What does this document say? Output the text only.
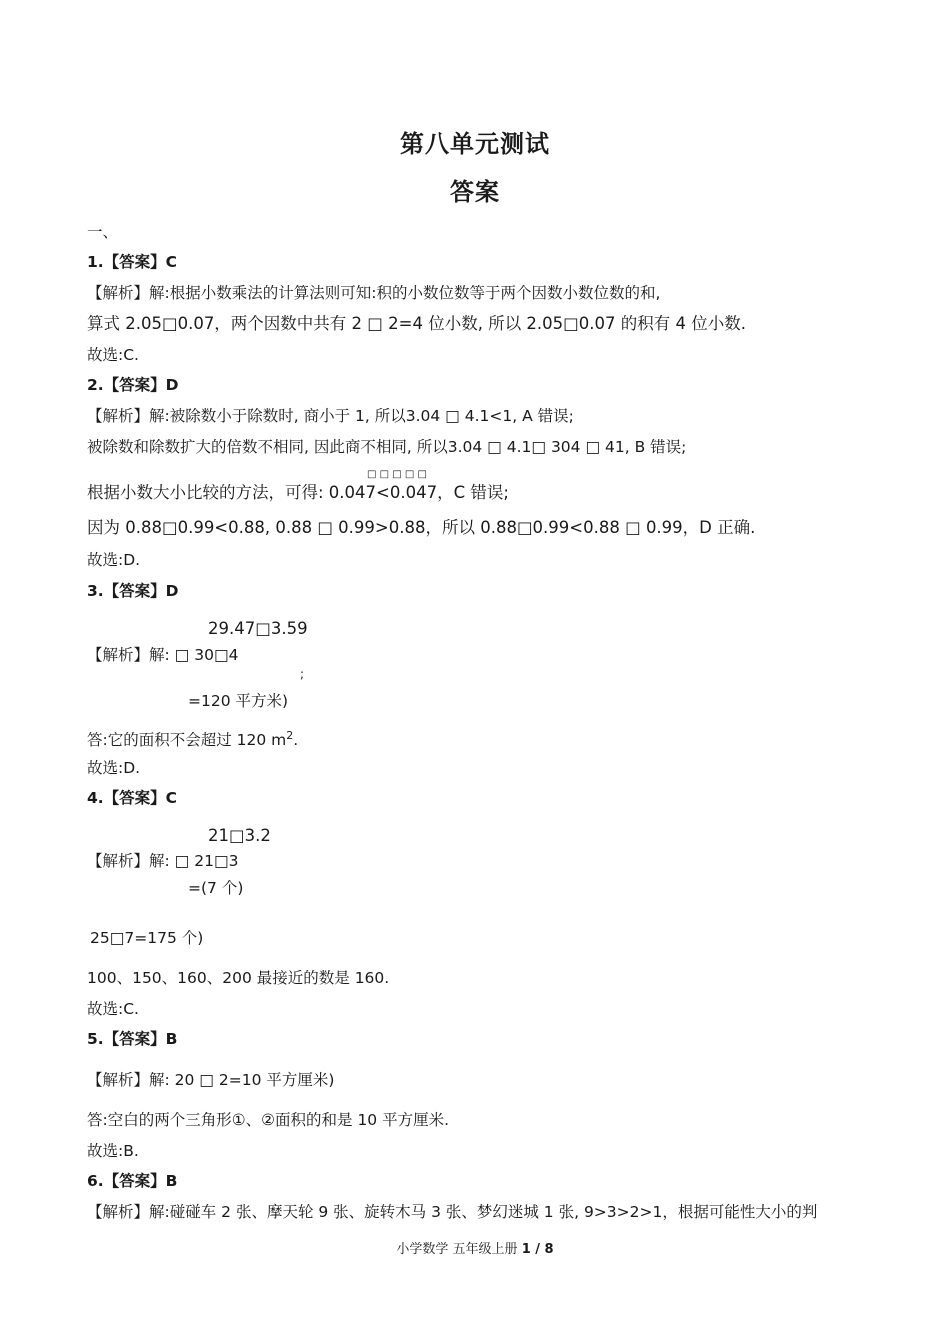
第八单元测试
答案
一、
1.【答案】C
【解析】解:根据小数乘法的计算法则可知:积的小数位数等于两个因数小数位数的和,
算式 2.05□0.07，两个因数中共有 2 □ 2=4 位小数, 所以 2.05□0.07 的积有 4 位小数.
故选:C.
2.【答案】D
【解析】解:被除数小于除数时, 商小于 1, 所以3.04 □ 4.1<1, A 错误;
被除数和除数扩大的倍数不相同, 因此商不相同, 所以3.04 □ 4.1□ 304 □ 41, B 错误;
□ □ □ □ □
根据小数大小比较的方法，可得: 0.047<0.047，C 错误;
因为 0.88□0.99<0.88, 0.88 □ 0.99>0.88，所以 0.88□0.99<0.88 □ 0.99，D 正确.
故选:D.
3.【答案】D
29.47□3.59
【解析】解: □ 30□4
;
=120 平方米)
答:它的面积不会超过 120 $m^2$.
故选:D.
4.【答案】C
21□3.2
【解析】解: □ 21□3
=(7 个)
25□7=175 个)
100、150、160、200 最接近的数是 160.
故选:C.
5.【答案】B
【解析】解: 20 □ 2=10 平方厘米)
答:空白的两个三角形①、②面积的和是 10 平方厘米.
故选:B.
6.【答案】B
【解析】解:碰碰车 2 张、摩天轮 9 张、旋转木马 3 张、梦幻迷城 1 张, 9>3>2>1，根据可能性大小的判
小学数学 五年级上册 1 / 8
